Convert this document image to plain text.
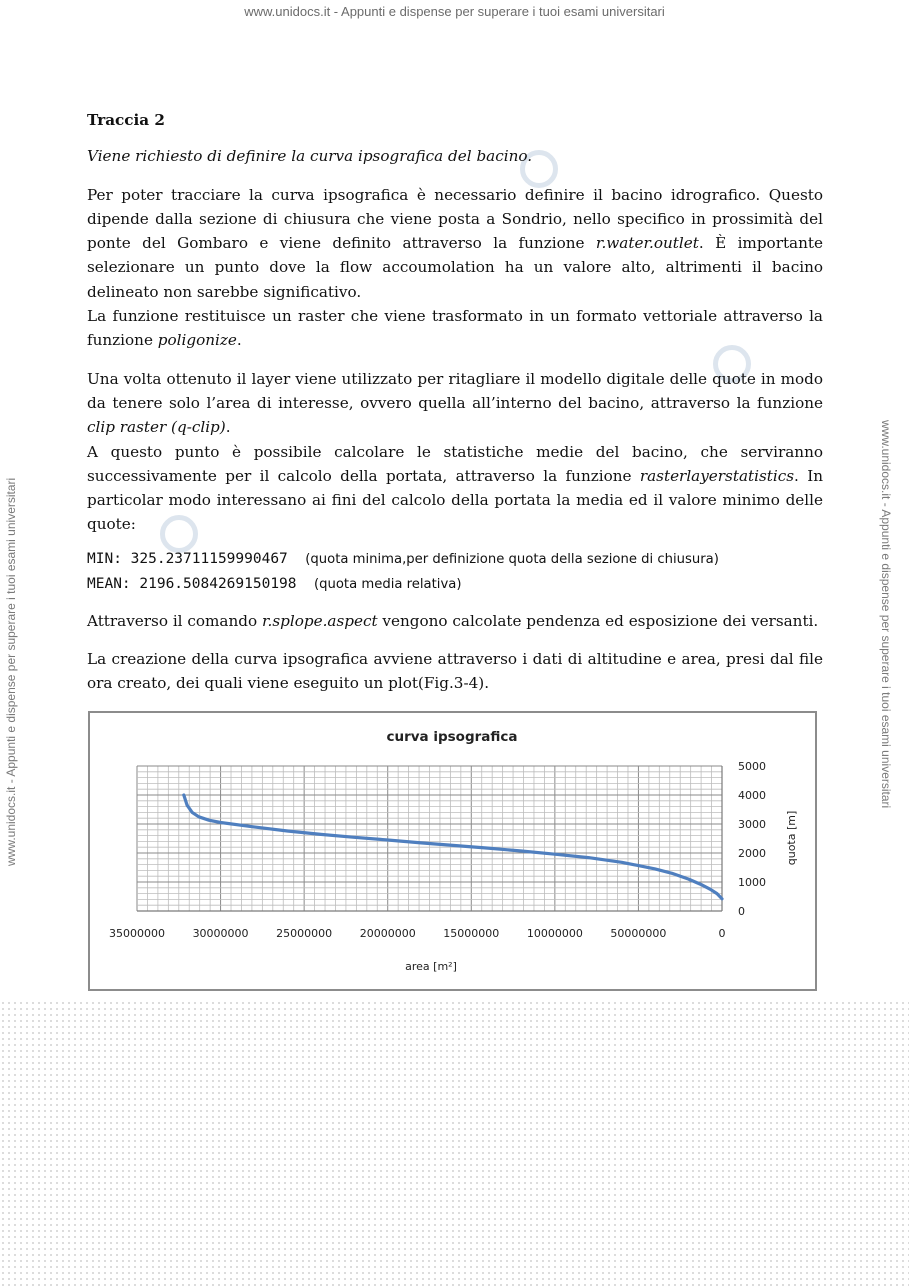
www.unidocs.it - Appunti e dispense per superare i tuoi esami universitari
www.unidocs.it - Appunti e dispense per superare i tuoi esami universitari	www.unidocs.it - Appunti e dispense per superare i tuoi esami universitari

Traccia 2

Viene richiesto di definire la curva ipsografica del bacino.

Per poter tracciare la curva ipsografica è necessario definire il bacino idrografico. Questo dipende dalla sezione di chiusura che viene posta a Sondrio, nello specifico in prossimità del ponte del Gombaro e viene definito attraverso la funzione r.water.outlet. È importante selezionare un punto dove la flow accoumolation ha un valore alto, altrimenti il bacino delineato non sarebbe significativo.

La funzione restituisce un raster che viene trasformato in un formato vettoriale attraverso la funzione poligonize.

Una volta ottenuto il layer viene utilizzato per ritagliare il modello digitale delle quote in modo da tenere solo l’area di interesse, ovvero quella all’interno del bacino, attraverso la funzione clip raster (q-clip).

A questo punto è possibile calcolare le statistiche medie del bacino, che serviranno successivamente per il calcolo della portata, attraverso la funzione rasterlayerstatistics. In particolar modo interessano ai fini del calcolo della portata la media ed il valore minimo delle quote:

MIN: 325.23711159990467 (quota minima,per definizione quota della sezione di chiusura)
MEAN: 2196.5084269150198 (quota media relativa)

Attraverso il comando r.splope.aspect vengono calcolate pendenza ed esposizione dei versanti.

La creazione della curva ipsografica avviene attraverso i dati di altitudine e area, presi dal file ora creato, dei quali viene eseguito un plot(Fig.3-4).

curva ipsografica
35000000	30000000	25000000	20000000	15000000	10000000	50000000	0
0
1000
2000
3000
4000
5000
area [m²]
quota [m]
